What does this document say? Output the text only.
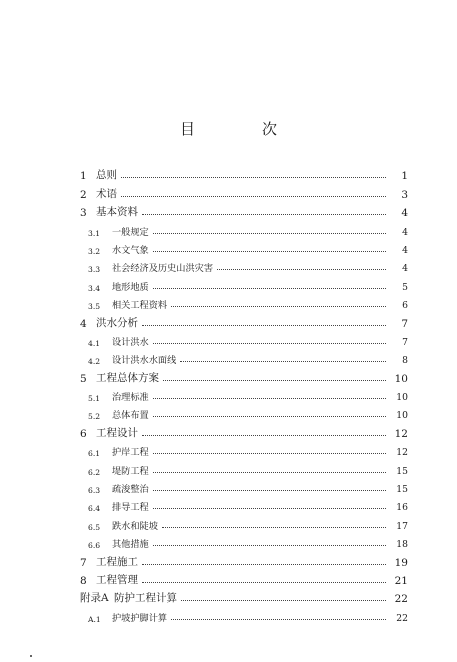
目　次
1 总则	1
2 术语	3
3 基本资料	4
3.1	一般规定	4
3.2	水文气象	4
3.3	社会经济及历史山洪灾害	4
3.4	地形地质	5
3.5	相关工程资料	6
4 洪水分析	7
4.1	设计洪水	7
4.2	设计洪水水面线	8
5 工程总体方案	10
5.1	治理标准	10
5.2	总体布置	10
6 工程设计	12
6.1	护岸工程	12
6.2	堤防工程	15
6.3	疏浚整治	15
6.4	排导工程	16
6.5	跌水和陡坡	17
6.6	其他措施	18
7 工程施工	19
8 工程管理	21
附录A 防护工程计算	22
A.1	护坡护脚计算	22
